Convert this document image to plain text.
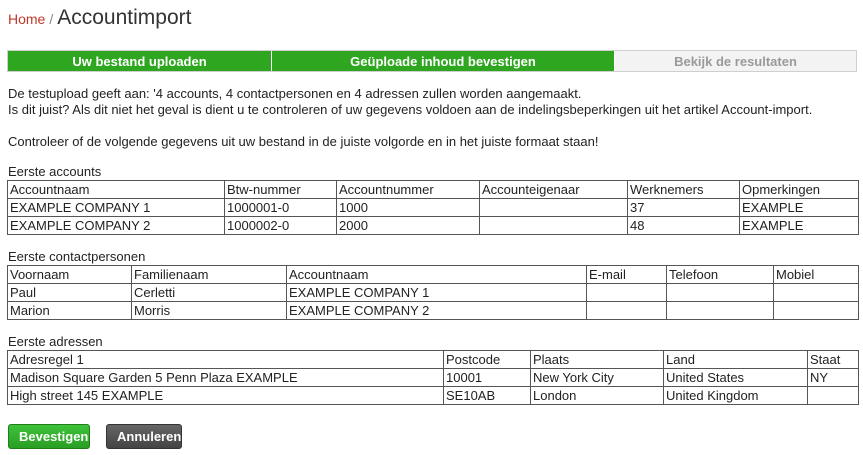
Home / Accountimport
Uw bestand uploaden	Geüploade inhoud bevestigen	Bekijk de resultaten

De testupload geeft aan: '4 accounts, 4 contactpersonen en 4 adressen zullen worden aangemaakt.
Is dit juist? Als dit niet het geval is dient u te controleren of uw gegevens voldoen aan de indelingsbeperkingen uit het artikel Account-import.

Controleer of de volgende gegevens uit uw bestand in de juiste volgorde en in het juiste formaat staan!

Eerste accounts
Accountnaam	Btw-nummer	Accountnummer	Accounteigenaar	Werknemers	Opmerkingen
EXAMPLE COMPANY 1	1000001-0	1000		37	EXAMPLE
EXAMPLE COMPANY 2	1000002-0	2000		48	EXAMPLE
Eerste contactpersonen
Voornaam	Familienaam	Accountnaam	E-mail	Telefoon	Mobiel
Paul	Cerletti	EXAMPLE COMPANY 1			
Marion	Morris	EXAMPLE COMPANY 2			
Eerste adressen
Adresregel 1	Postcode	Plaats	Land	Staat
Madison Square Garden 5 Penn Plaza EXAMPLE	10001	New York City	United States	NY
High street 145 EXAMPLE	SE10AB	London	United Kingdom	
Bevestigen	Annuleren
